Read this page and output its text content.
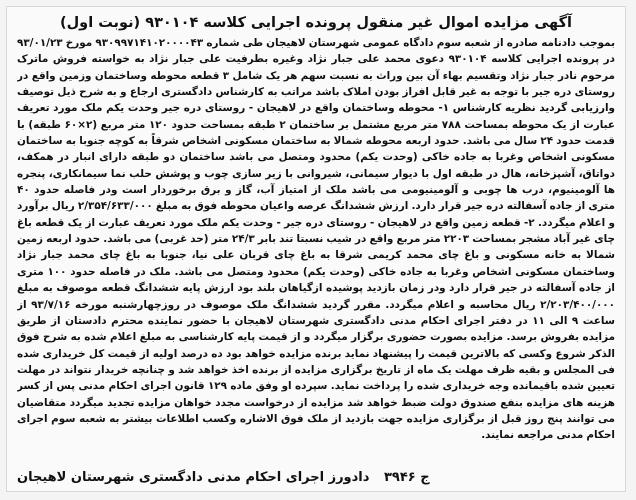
آگهی مزایده اموال غیر منقول پرونده اجرایی کلاسه ۹۳۰۱۰۴ (نوبت اول)

بموجب دادنامه صادره از شعبه سوم دادگاه عمومی شهرستان لاهیجان طی شماره ۹۳۰۹۹۷۱۴۱۰۲۰۰۰۰۴۳ مورخ ۹۳/۰۱/۲۳ در پرونده اجرایی کلاسه ۹۳۰۱۰۴ دعوی محمد علی جبار نژاد وغیره بطرفیت علی جبار نژاد به خواسته فروش ماترک مرحوم نادر جبار نژاد وتقسیم بهاء آن بین وراث به نسبت سهم هر یک شامل ۳ قطعه محوطه وساختمان وزمین واقع در روستای دره جیر با توجه به غیر قابل افراز بودن املاک باشد مراتب به کارشناس دادگستری ارجاع و به شرح ذیل توصیف وارزیابی گردید نظریه کارشناس ۱- محوطه وساختمان واقع در لاهیجان - روستای دره جیر وحدت یکم ملک مورد تعریف عبارت از یک محوطه بمساحت ۷۸۸ متر مربع مشتمل بر ساختمان ۲ طبقه بمساحت حدود ۱۲۰ متر مربع (۲×۶۰ طبقه) با قدمت حدود ۲۴ سال می باشد. حدود اربعه محوطه شمالا به ساختمان مسکونی اشخاص شرقاً به کوچه جنوبا به ساختمان مسکونی اشخاص وغربا به جاده خاکی (وحدت یکم) محدود ومتصل می باشد ساختمان دو طبقه دارای انبار در همکف، دواتاق، آشپزخانه، هال در طبقه اول با دیوار سیمانی، شیروانی با زیر سازی چوب و پوشش حلب نما سیمانکاری، پنجره ها آلومینیوم، درب ها چوبی و آلومینیومی می باشد ملک از امتیاز آب، گاز و برق برخوردار است ودر فاصله حدود ۴۰ متری از جاده آسفالته دره جیر قرار دارد. ارزش ششدانگ عرصه واعیان محوطه فوق به مبلغ ۲/۳۵۴/۶۳۳/۰۰۰ ریال برآورد و اعلام میگردد. ۲- قطعه زمین واقع در لاهیجان - روستای دره جیر - وحدت یکم ملک مورد تعریف عبارت از یک قطعه باغ چای غیر آباد مشجر بمساحت ۲۲۰۳ متر مربع واقع در شیب نسبتا تند بابر ۲۴/۳ متر (حد غربی) می باشد. حدود اربعه زمین شمالا به خانه مسکونی و باغ چای محمد کریمی شرقا به باغ چای قربان علی نیا، جنوبا به باغ چای محمد جبار نژاد وساختمان مسکونی اشخاص وغربا به جاده خاکی (وحدت یکم) محدود ومتصل می باشد. ملک در فاصله حدود ۱۰۰ متری از جاده آسفالته در جیر قرار دارد ودر زمان بازدید پوشیده ازگیاهان بلند بود ارزش پایه ششدانگ قطعه موصوف به مبلغ ۲/۲۰۳/۴۰۰/۰۰۰ ریال محاسبه و اعلام میگردد. مقرر گردید ششدانگ ملک موصوف در روزچهارشنبه مورخه ۹۳/۷/۱۶ از ساعت ۹ الی ۱۱ در دفتر اجرای احکام مدنی دادگستری شهرستان لاهیجان با حضور نماینده محترم دادستان از طریق مزایده بفروش برسد. مزایده بصورت حضوری برگزار میگردد و از قیمت پایه کارشناسی به مبلغ اعلام شده به شرح فوق الذکر شروع وکسی که بالاترین قیمت را پیشنهاد نماید برنده مزایده خواهد بود ده درصد اولیه از قیمت کل خریداری شده فی المجلس و بقیه ظرف مهلت یک ماه از تاریخ برگزاری مزایده از برنده اخذ خواهد شد و چنانچه خریدار نتواند در مهلت تعیین شده باقیمانده وجه خریداری شده را پرداخت نماید. سپرده او وفق ماده ۱۲۹ قانون اجرای احکام مدنی پس از کسر هزینه های مزایده بنفع صندوق دولت ضبط خواهد شد مزایده از درخواست مجدد خواهان مزایده تجدید میگردد متقاضیان می توانند پنج روز قبل از برگزاری مزایده جهت بازدید از ملک فوق الاشاره وکسب اطلاعات بیشتر به شعبه سوم اجرای احکام مدنی مراجعه نمایند.

ج ۳۹۴۶ دادورز اجرای احکام مدنی دادگستری شهرستان لاهیجان
